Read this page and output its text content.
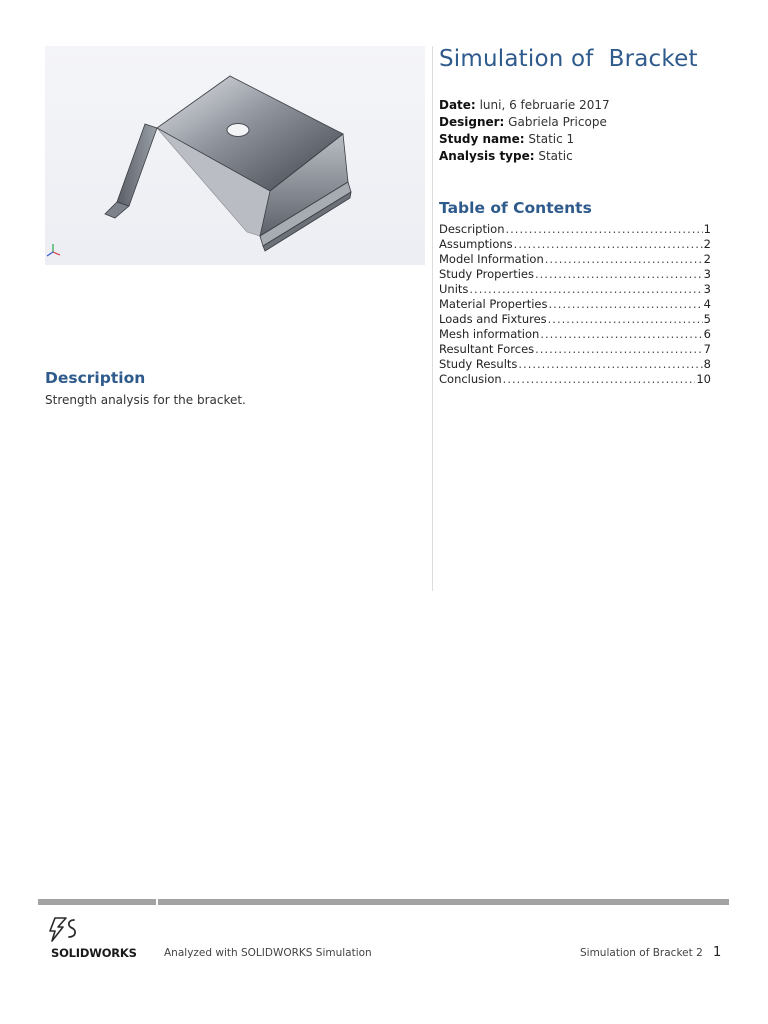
Simulation of  Bracket
Date: luni, 6 februarie 2017
Designer: Gabriela Pricope
Study name: Static 1
Analysis type: Static
Table of Contents
Description .....	1
Assumptions .....	2
Model Information .....	2
Study Properties .....	3
Units .....	3
Material Properties .....	4
Loads and Fixtures .....	5
Mesh information .....	6
Resultant Forces .....	7
Study Results .....	8
Conclusion .....	10
Description
Strength analysis for the bracket.
SOLIDWORKS	Analyzed with SOLIDWORKS Simulation	Simulation of Bracket 2 1
